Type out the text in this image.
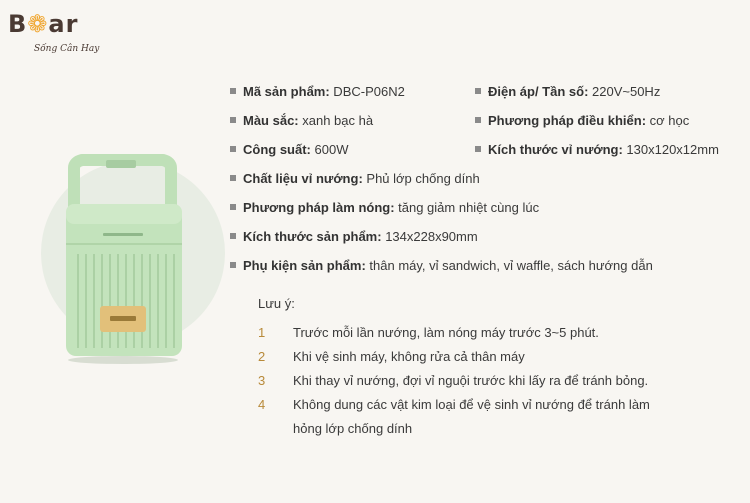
B❁ar
Sống Cân Hay
Mã sản phẩm: DBC-P06N2	Điện áp/ Tần số: 220V~50Hz
Màu sắc: xanh bạc hà	Phương pháp điều khiển: cơ học
Công suất: 600W	Kích thước vỉ nướng: 130x120x12mm
Chất liệu vỉ nướng: Phủ lớp chống dính
Phương pháp làm nóng: tăng giảm nhiệt cùng lúc
Kích thước sản phẩm: 134x228x90mm
Phụ kiện sản phẩm: thân máy, vỉ sandwich, vỉ waffle, sách hướng dẫn
Lưu ý:
1	Trước mỗi lần nướng, làm nóng máy trước 3~5 phút.
2	Khi vệ sinh máy, không rửa cả thân máy
3	Khi thay vỉ nướng, đợi vỉ nguội trước khi lấy ra để tránh bỏng.
4	Không dung các vật kim loại để vệ sinh vỉ nướng để tránh làm
hỏng lớp chống dính
